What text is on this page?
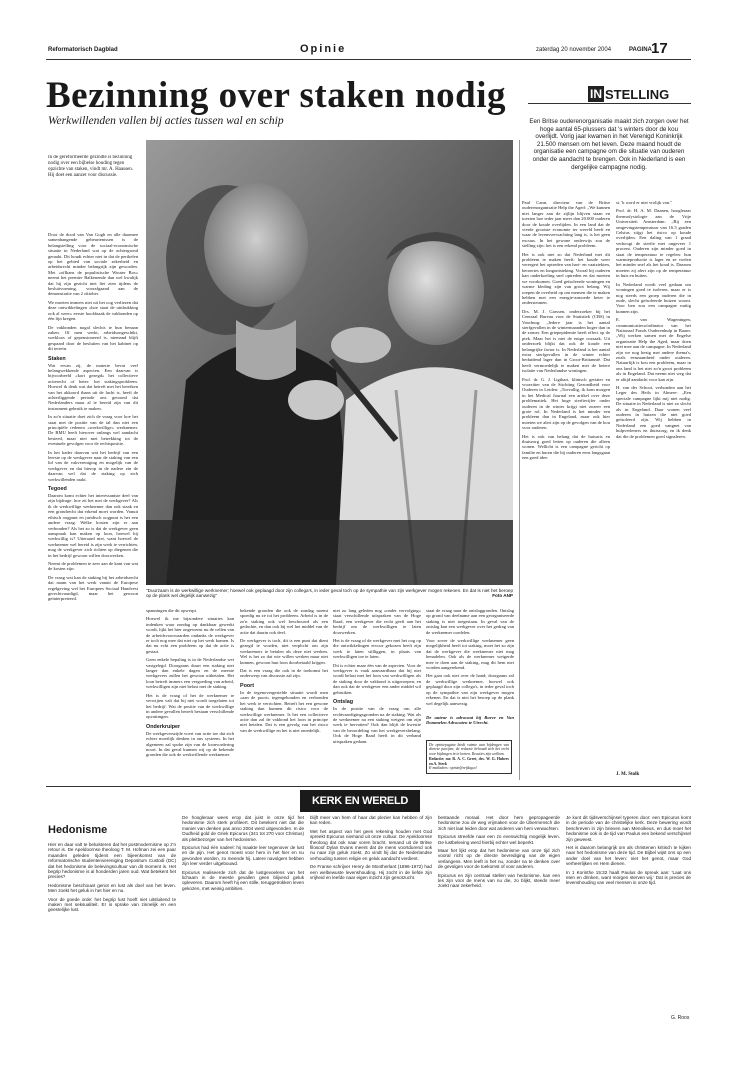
Reformatorisch Dagblad	Opinie	zaterdag 20 november 2004	PAGINA 17
Bezinning over staken nodig
Werkwillenden vallen bij acties tussen wal en schip

In de gereformeerde gezindte is bezinning nodig over een bijbelse houding tegen opzichte van staken, vindt mr. A. Haassen. Hij doet een aanzet voor discussie.

Door de dood van Van Gogh en alle daarmee samenhangende gebeurtenissen is de belangstelling voor de sociaal-economische situatie in Nederland wat op de achtergrond geraakt. Dit houdt echter niet in dat de perikelen op het gebied van sociale zekerheid en arbeidsrecht minder belangrijk zijn geworden. Met «offkans de populistische Wouter Bos» neemt het premier Balkenende dan wel kwalijk dat hij zijn gezicht niet liet zien tijdens de besluitvorming, voorafgaand aan de demonstratie van 2 oktober.

We moeten immers niet uit het oog verliezen dat deze ontwikkelingen «hoe staat de uitdrukking ook al weer» eerste hoofdzaak de vakbonden op één lijn kregen.

De vakbonden nogal slechts te hun benaan zaken. Of men werkt, arbeidsongeschikt, werkloos of gepensioneerd is, niemand blijft gespaard door de besluiten van het kabinet op dit terrein.

Staken

Wat ervan zij, de materie bevat veel belangwekkende aspecten. Een daarvan is bijvoorbeeld «kort gezegd» het collectieve actierecht of beter: het stakingsprobleem. Hoewel ik denk wat dat betreft met het bereiken van het akkoord thans uit de lucht is, heeft de achterliggende periode ons getoond dat Nederlanders maar al te bereid zijn van dit instrument gebruik te maken.

In zo'n situatie doet zich de vraag voor hoe het staat met de positie van de tal dan niet een principiële redenen «werkwillige» werknemer. De RMU heeft hierover onlangs wel aandacht besteed, maar niet met betrekking tot de eventuele gevolgen voor de rechtspositie.

In het kader daarvan wat het bedrijf van een leerste op de werkgever naar de staking van een lid van de vakvereniging en mogelijk van de werkgever en dat hierop in de nadere zin de daarvan wel dat de staking op zich werkwillenden raakt.

Tegoed

Daarom komt echter het interessantste deel van zijn bijdrage: hoe zit het met de werkgever? Als ik de werkwillige werknemer dan ook staak en een grondrecht dat erkend moet worden. Vanuit ethisch oogpunt en juridisch oogpunt is het een andere vraag. Welke kosten zijn er aan verbonden? Als het zo is dat de werkgever geen aanspraak kan maken op loon, hoewel hij werkwillig is? Uiteraard niet, want hoewel de werknemer wel bereid is zijn werk te verrichten, mag de werkgever zich richten op diegenen die in het bedrijf gewoon willen doorwerken.

Neemt de problemen te zeer aan de kant van wat de kosten zijn.

De vraag wat kan de staking bij het arbeidsrecht dat naam van het werk vanuit de Europese regelgeving wel het Europees Sociaal Handvest gerechtvaardigd, maar het gewoon geïnterpreteerd.

"Duurzaam is de werkwillige werknemer; hoewel ook geplaagd door zijn collega's, in ieder geval toch op de sympathie van zijn werkgever mogen rekenen. En dat is niet het beroep op de plank wel degelijk aanwezig"	Foto ANP

spanningen die dit opwerpt.

Hoewel ik me bijzondere situaties kan indenken waar zondag op dankbaar gewerkt wordt, lijkt het hier ongewenst nu de cellen van de arbeidsvoorwaarden ondanks de werkgever er toch nog mee dat niet op het werk komen. Is dat nu echt een probleem op dat de actie is gestart.

Geen enkele bepaling is in de Nederlandse wet vastgelegd. Doorgaans duurt een staking niet langer dan enkele dagen en de meeste werkgevers zullen het gewoon uitbetalen. Het loon betreft immers een vergoeding van arbeid, werkwilligen zijn niet belast met de staking.

Het is de vraag of het de werknemer te verwijten valt dat hij niet wordt toegelaten tot het bedrijf. Wat de positie van de werkwillige in andere gevallen betreft bestaan verschillende opvattingen.

Onderkruiper

De werkgeverszijde voert van actie toe dat zich echter moeilijk denken in ons systeem. In het algemeen zal spoke zijn van de loonvordering noort. In dat geval kunnen wij op de bekende gronden die ook de werkwillende werknemer.

bekende gronden die ook de zondag noemt spoedig nu ze tot het probleem. Arbeid is in de zo'n staking ook wel beschouwd als een gedachte, en dan ook bij wel het middel van de actie dat daarin ook deel.

De werkgever is toch, dit is een punt dat dient gezegd te worden, niet verplicht om zijn werknemers te betalen als deze niet werken. Wel is het zo dat wie willen werken maar niet kunnen, gewoon hun loon doorbetaald krijgen.

Dat is een vraag die ook in de toekomst het onderwerp van discussie zal zijn.

Poort

In de tegenovergestelde situatie wordt men «aan de poort» tegengehouden en verbonden het werk te verrichten. Betreft het een gewone staking dan kunnen dit risico voor de werkwillige werknemer. Is het een collectieve actie dan zal de vakbond het loon in principe niet betalen. Dat is een gevolg van het risico van de werkwillige en het is niet onredelijk.

niet zo lang geleden nog «onder vervolging» staat verschillende uitspraken van de Hoge Raad, een werkgever die recht geeft aan het bedrijf om de werkwilligen te laten doorwerken.

Het is de vraag of de werkgever met het oog op die ontwikkelingen ervoor gekozen heeft zijn werk te laten stilliggen, in plaats van werkwilligen toe te laten.

Dit is echter maar één van de aspecten. Voor de werkgever is vaak aanvaardbaar dat hij niet wordt belast met het loon van werkwilligen als de staking door de vakbond is uitgeroepen, en dan ook dat de werkgever een ander middel wil gebruiken.

Ontslag

In de positie van de vraag om alle rechtvaardigingsgronden na de staking. Wat als de werknemer na een staking weigert om zijn werk te hervatten? Ook dan blijft de kwestie van de beoordeling van het werkgeversbelang. Ook de Hoge Raad heeft in dit verband uitspraken gedaan.

staat de vraag naar de ontslaggronden. Ontslag op grond van deelname aan een georganiseerde staking is niet toegestaan. In geval van de ontslag kan een werkgever over het gedrag van de werknemer oordelen.

Voor zover de werkwillige werknemer geen mogelijkheid heeft tot staking, moet het zo zijn dat de werkgever die werknemer niet mag benadelen. Ook als de werknemer weigerde mee te doen aan de staking, mag dit hem niet worden aangerekend.

Het gaat ook niet over de hand; doorgaans zal de werkwillige werknemer, hoewel ook geplaagd door zijn collega's, in ieder geval toch op de sympathie van zijn werkgever mogen rekenen. En dat is niet het beroep op de plank wel degelijk aanwezig.

De auteur is advocaat bij Boeve en Van Dommelen Advocaten te Utrecht.

De opiniepagina biedt ruimte aan bijdragen van diverse partijen; de redactie behoudt zich het recht voor bijdragen in te korten. Reacties zijn welkom.

Redactie: mr. R. A. C. Greet, drs. W. G. Hubers en A. Sterk

E-mailadres: opinie@refdag.nl

IN STELLING

Een Britse ouderenorganisatie maakt zich zorgen over het hoge aantal 65-plussers dat 's winters door de kou overlijdt. Vorig jaar kwamen in het Verenigd Koninkrijk 21.500 mensen om het leven. Deze maand houdt de organisatie een campagne om die situatie van ouderen onder de aandacht te brengen. Ook in Nederland is een dergelijke campagne nodig.

Paul Cann, directeur van de Britse ouderenorganisatie Help the Aged: „We kunnen niet langer aan de zijlijn blijven staan en toezien hoe ieder jaar meer dan 20.000 ouderen door de koude overlijden. In een land dat de vierde grootste economie ter wereld heeft en waar de levensverwachting lang is, is het geen excuus. In het gewone onderwijs zou de stelling zijn: het is een erkend probleem.

Het is ook niet zo dat Nederland met dit probleem te maken heeft: het koude weer verergert het optreden van hart- en vaatziekten, beroertes en longontsteking. Vooral bij ouderen kan onderkoeling snel optreden en dat moeten we voorkomen. Goed geïsoleerde woningen en warme kleding zijn van groot belang. Wij roepen de overheid op om mensen die te maken hebben met een energie-armoede beter te ondersteunen.

Drs. M. J. Garssen, onderzoeker bij het Centraal Bureau voor de Statistiek (CBS) in Voorburg: „Iedere jaar is het aantal sterfgevallen in de wintermaanden hoger dan in de zomer. Een griepepidemie heeft effect op de piek. Maar het is niet de enige oorzaak. Uit onderzoek blijkt dat ook de koude een belangrijke factor is. In Nederland is het aantal extra sterfgevallen in de winter echter beduidend lager dan in Groot-Brittannië. Dat heeft vermoedelijk te maken met de betere isolatie van Nederlandse woningen.

Prof. dr. G. J. Ligthart, klinisch geriater en voorzitter van de Stichting Gezondheid voor Ouderen in Leiden: „Toevallig, ik kom morgen in het Medical Journal een artikel over deze problematiek. Het hoge sterftecijfer onder ouderen in de winter krijgt niet zozeer een grote rol. In Nederland is het minder een probleem dan in Engeland, maar ook hier moeten we alert zijn op de gevolgen van de kou voor ouderen.

Het is ook van belang dat de huisarts en thuiszorg goed letten op ouderen die alleen wonen. Wellicht is een campagne gericht op familie en buren die bij ouderen eens langsgaan een goed idee.

st. 'k word er niet vrolijk van."

Prof. dr. H. A. M. Daanen, hoogleraar thermofysiologie aan de Vrije Universiteit Amsterdam: „Bij een omgevingstemperatuur van 16.5 graden Celsius stijgt het risico op koude overlijden. Een daling van 1 graad verhoogt de sterfte met ongeveer 1 procent. Ouderen zijn minder goed in staat de temperatuur te regelen: hun warmteproductie is lager en ze voelen het minder snel als het koud is. Daarom moeten zij alert zijn op de temperatuur in huis en buiten.

In Nederland wordt veel gedaan om woningen goed te isoleren, maar er is nog steeds een groep ouderen die in oude, slecht geïsoleerde huizen woont. Voor hen zou een campagne nuttig kunnen zijn.

E. van Wageningen, communicatiecoördinator van het Nationaal Fonds Ouderenhulp in Baarn: „Wij werken samen met de Engelse organisatie Help the Aged, maar doen niet mee aan de campagne. In Nederland zijn we nog bezig met andere thema's, zoals eenzaamheid onder ouderen. Natuurlijk is kou een probleem, maar in ons land is het niet zo'n groot probleem als in Engeland. Dat neemt niet weg dat er altijd aandacht voor kan zijn.

H. van der Schoot, verbonden aan het Leger des Heils in Almere: „Een speciale campagne lijkt mij niet nodig. De situatie in Nederland is niet zo slecht als in Engeland. Daar wonen veel ouderen in huizen die niet goed geïsoleerd zijn. Wij hebben in Nederland een goed vangnet van hulpverleners en thuiszorg, en ik denk dat die de problemen goed signaleren.

J. M. Stolk
KERK EN WERELD
Hedonisme

Hier en daar valt te beluisteren dat het postmodernisme op z'n retour is. De Apeldoornse theoloog T. M. Hofman zei een paar maanden geleden tijdens een bijeenkomst van de reformatorische studentenvereniging Depositum Custodi (DC) dat het hedonisme de belevingscultuur van dit moment is. Het begrip hedonisme is al honderden jaren oud. Wat betekent het precies?

Hedonisme beschouwt genot en lust als doel van het leven. Men zoekt het geluk in het hier en nu.

Voor de goede orde: het begrip lust hoeft niet uitsluitend te maken met seksualiteit. Er is sprake van zinnelijk en een geestelijke lust.

De hoogleraar wees erop dat juist in onze tijd het hedonisme zich sterk profileert. Dit betekent niet dat die manier van denken pas anno 2004 werd uitgevonden. In de Oudheid gold de Griek Epicurus (341 tot 270 voor Christus) als pleitbezorger van het hedonisme.

Epicurus had één nadeel: hij maakte leer tegenover de lust en de pijn. Het genot moest voor hem in het hier en nu gevonden worden, zo meende hij. Latere navolgers hebben zijn leer verder uitgebouwd.

Epicurus realiseerde zich dat de lustgevoelens van het lichaam in de meeste gevallen geen blijvend geluk opleveren. Daarom heeft hij een stille, teruggetrokken leven gekozen, met weinig ambities.

blijft meer van hem of haar dat plezier kan hebben of zijn kan reden.

Met het aspect van het geen rekening houden met God spreekt Epicurus niemand uit onze cultuur. De Apeldoornse theoloog dat ook naar voren bracht. Iemand uit de Britse filosoof Dylan Evans meent dat de mens voortdurend ook nu naar zijn geluk zoekt. Zo vindt hij dat de Nederlandse verhouding tussen religie en geluk aandacht verdient.

De Franse schrijver Henry de Montherlant (1896-1972) had een welbewuste levenshouding. Hij zocht in de liefde zijn vrijheid en leefde naar eigen inzicht zijn genotzucht.

bestaande moraal. Het door hem gepropageerde hedonisme zou de weg vrijmaken voor de Übermensch die zich niet laat leiden door wat anderen van hem verwachten.

Epicurus streefde naar een zo evenwichtig mogelijk leven. De lustbeleving werd hierbij echter wel beperkt.

Maar het lijkt erop dat het hedonisme van onze tijd zich vooral richt op de directe bevrediging van de eigen verlangens. Men leeft in het nu, zonder na te denken over de gevolgen voor de toekomst of voor anderen.

Epicurus en zijn centraal stellen van hedonisme, kan een les zijn voor de mens van nu die, zo blijkt, steeds meer zoekt naar zekerheid.

Je kunt dit tijdsverschijnsel typeren door: een Epicurus komt in de periode van de christelijke kerk. Deze bewering wordt beschreven in zijn brieven aan Menoikeus, en dus moet het hedonisme ook in de tijd van Paulus een bekend verschijnsel zijn geweest.

Het is daarom belangrijk om als christenen kritisch te kijken naar het hedonisme van deze tijd. De Bijbel wijst ons op een ander doel van het leven: niet het genot, maar God verheerlijken en Hem dienen.

In 1 Korinthe 15:32 haalt Paulus de spreuk aan: 'Laat ons eten en drinken, want morgen sterven wij.' Dat is precies de levenshouding van veel mensen in onze tijd.

G. Roos
